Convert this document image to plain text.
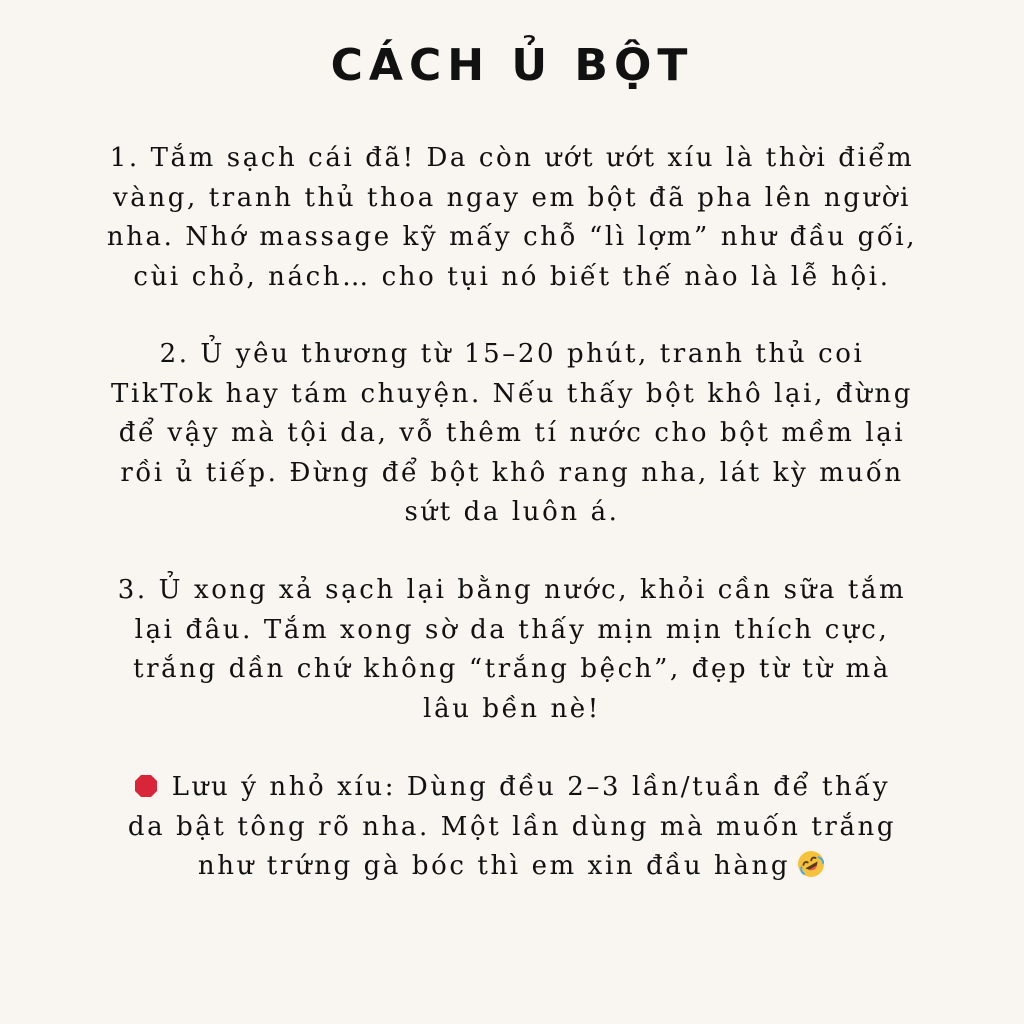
CÁCH Ủ BỘT

1. Tắm sạch cái đã! Da còn ướt ướt xíu là thời điểm
vàng, tranh thủ thoa ngay em bột đã pha lên người
nha. Nhớ massage kỹ mấy chỗ “lì lợm” như đầu gối,
cùi chỏ, nách… cho tụi nó biết thế nào là lễ hội.

2. Ủ yêu thương từ 15–20 phút, tranh thủ coi
TikTok hay tám chuyện. Nếu thấy bột khô lại, đừng
để vậy mà tội da, vỗ thêm tí nước cho bột mềm lại
rồi ủ tiếp. Đừng để bột khô rang nha, lát kỳ muốn
sứt da luôn á.

3. Ủ xong xả sạch lại bằng nước, khỏi cần sữa tắm
lại đâu. Tắm xong sờ da thấy mịn mịn thích cực,
trắng dần chứ không “trắng bệch”, đẹp từ từ mà
lâu bền nè!

Lưu ý nhỏ xíu: Dùng đều 2–3 lần/tuần để thấy
da bật tông rõ nha. Một lần dùng mà muốn trắng
như trứng gà bóc thì em xin đầu hàng
